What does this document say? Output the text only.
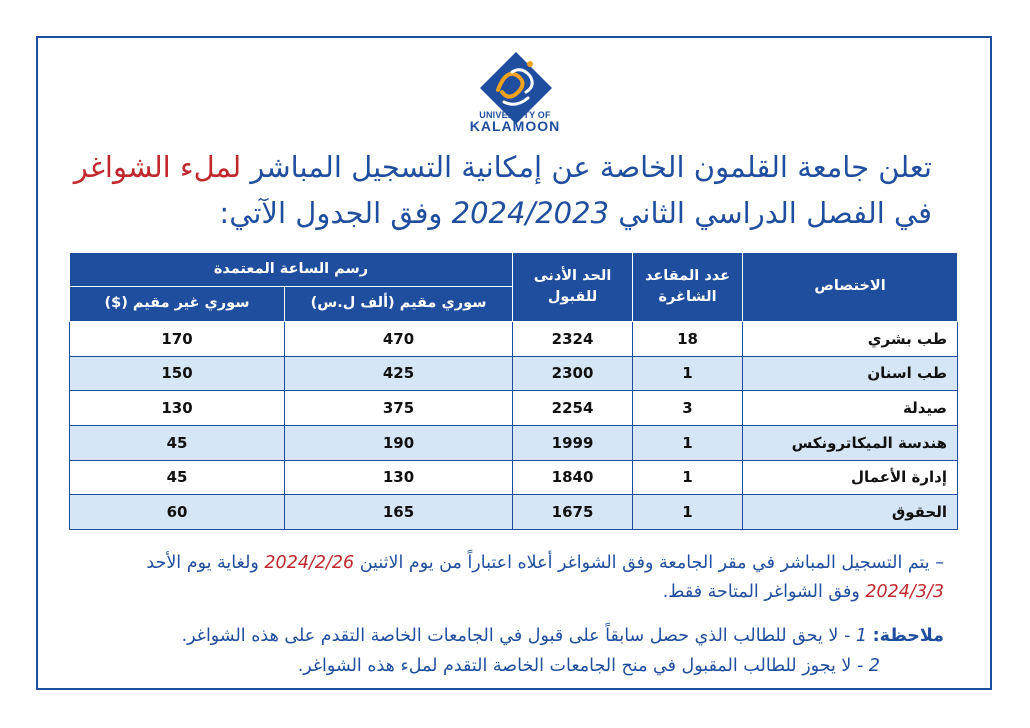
UNIVERSITY OF
KALAMOON
تعلن جامعة القلمون الخاصة عن إمكانية التسجيل المباشر لملء الشواغر
في الفصل الدراسي الثاني 2024/2023 وفق الجدول الآتي:
الاختصاص	عدد المقاعد الشاغرة	الحد الأدنى للقبول	رسم الساعة المعتمدة	
			سوري مقيم (ألف ل.س)	سوري غير مقيم ($)
طب بشري	18	2324	470	170
طب اسنان	1	2300	425	150
صيدلة	3	2254	375	130
هندسة الميكاترونكس	1	1999	190	45
إدارة الأعمال	1	1840	130	45
الحقوق	1	1675	165	60
– يتم التسجيل المباشر في مقر الجامعة وفق الشواغر أعلاه اعتباراً من يوم الاثنين 2024/2/26 ولغاية يوم الأحد
2024/3/3 وفق الشواغر المتاحة فقط.
ملاحظة: 1 - لا يحق للطالب الذي حصل سابقاً على قبول في الجامعات الخاصة التقدم على هذه الشواغر.
2 - لا يجوز للطالب المقبول في منح الجامعات الخاصة التقدم لملء هذه الشواغر.
